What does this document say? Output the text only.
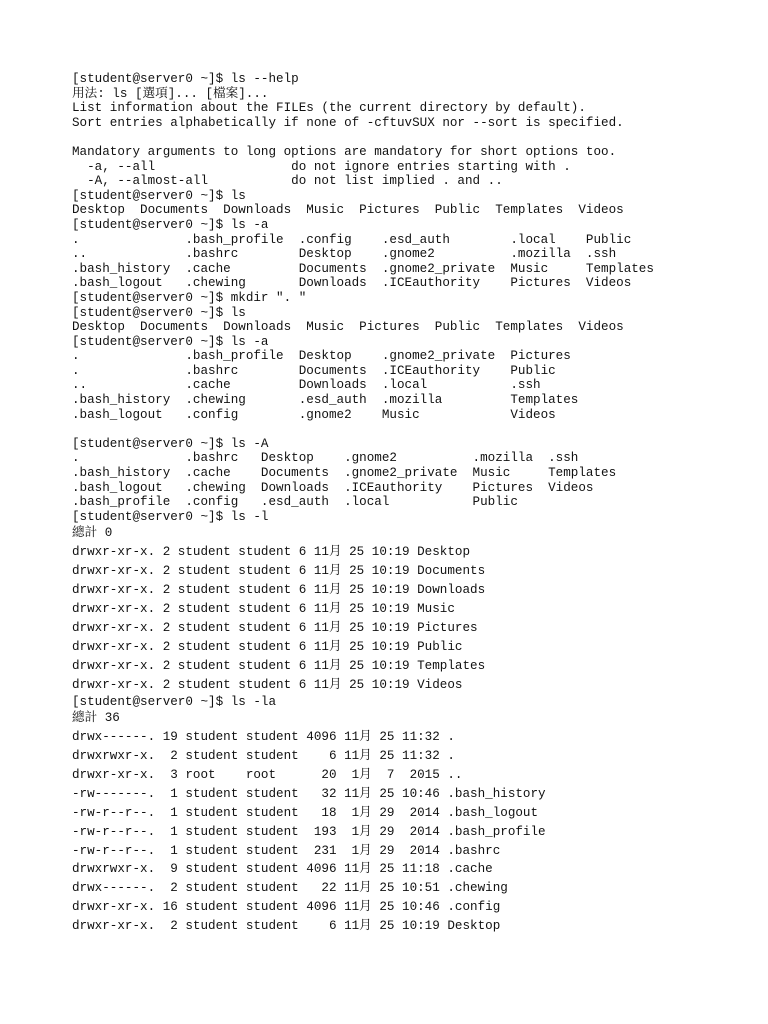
[student@server0 ~]$ ls --help
用法: ls [選項]... [檔案]...
List information about the FILEs (the current directory by default).
Sort entries alphabetically if none of -cftuvSUX nor --sort is specified.
Mandatory arguments to long options are mandatory for short options too.
-a, --all                  do not ignore entries starting with .
-A, --almost-all           do not list implied . and ..
[student@server0 ~]$ ls
Desktop  Documents  Downloads  Music  Pictures  Public  Templates  Videos
[student@server0 ~]$ ls -a
.              .bash_profile  .config    .esd_auth        .local    Public
..             .bashrc        Desktop    .gnome2          .mozilla  .ssh
.bash_history  .cache         Documents  .gnome2_private  Music     Templates
.bash_logout   .chewing       Downloads  .ICEauthority    Pictures  Videos
[student@server0 ~]$ mkdir ". "
[student@server0 ~]$ ls
Desktop  Documents  Downloads  Music  Pictures  Public  Templates  Videos
[student@server0 ~]$ ls -a
.              .bash_profile  Desktop    .gnome2_private  Pictures
.              .bashrc        Documents  .ICEauthority    Public
..             .cache         Downloads  .local           .ssh
.bash_history  .chewing       .esd_auth  .mozilla         Templates
.bash_logout   .config        .gnome2    Music            Videos
[student@server0 ~]$ ls -A
.              .bashrc   Desktop    .gnome2          .mozilla  .ssh
.bash_history  .cache    Documents  .gnome2_private  Music     Templates
.bash_logout   .chewing  Downloads  .ICEauthority    Pictures  Videos
.bash_profile  .config   .esd_auth  .local           Public
[student@server0 ~]$ ls -l
總計 0
drwxr-xr-x. 2 student student 6 11月 25 10:19 Desktop
drwxr-xr-x. 2 student student 6 11月 25 10:19 Documents
drwxr-xr-x. 2 student student 6 11月 25 10:19 Downloads
drwxr-xr-x. 2 student student 6 11月 25 10:19 Music
drwxr-xr-x. 2 student student 6 11月 25 10:19 Pictures
drwxr-xr-x. 2 student student 6 11月 25 10:19 Public
drwxr-xr-x. 2 student student 6 11月 25 10:19 Templates
drwxr-xr-x. 2 student student 6 11月 25 10:19 Videos
[student@server0 ~]$ ls -la
總計 36
drwx------. 19 student student 4096 11月 25 11:32 .
drwxrwxr-x.  2 student student    6 11月 25 11:32 .
drwxr-xr-x.  3 root    root      20  1月  7  2015 ..
-rw-------.  1 student student   32 11月 25 10:46 .bash_history
-rw-r--r--.  1 student student   18  1月 29  2014 .bash_logout
-rw-r--r--.  1 student student  193  1月 29  2014 .bash_profile
-rw-r--r--.  1 student student  231  1月 29  2014 .bashrc
drwxrwxr-x.  9 student student 4096 11月 25 11:18 .cache
drwx------.  2 student student   22 11月 25 10:51 .chewing
drwxr-xr-x. 16 student student 4096 11月 25 10:46 .config
drwxr-xr-x.  2 student student    6 11月 25 10:19 Desktop
